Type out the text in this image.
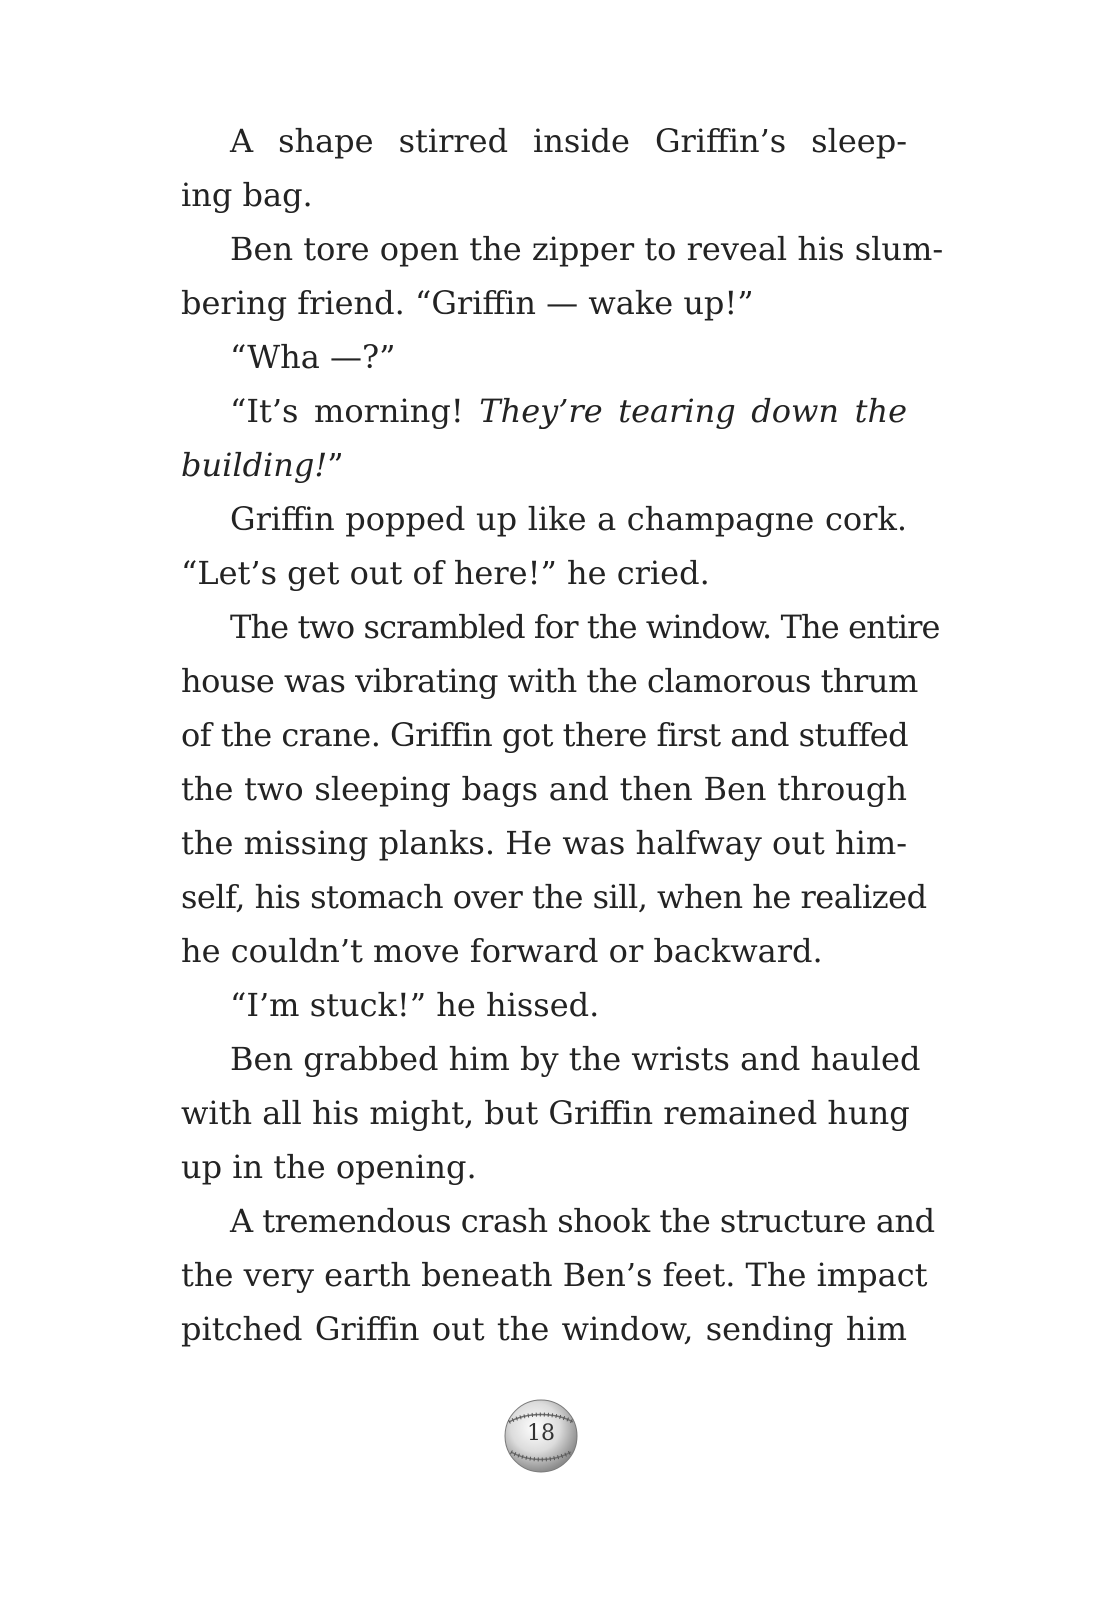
A shape stirred inside Griffin’s sleep-
ing bag.
Ben tore open the zipper to reveal his slum-
bering friend. “Griffin — wake up!”
“Wha —?”
“It’s morning! They’re tearing down the
building!”
Griffin popped up like a champagne cork.
“Let’s get out of here!” he cried.
The two scrambled for the window. The entire
house was vibrating with the clamorous thrum
of the crane. Griffin got there first and stuffed
the two sleeping bags and then Ben through
the missing planks. He was halfway out him-
self, his stomach over the sill, when he realized
he couldn’t move forward or backward.
“I’m stuck!” he hissed.
Ben grabbed him by the wrists and hauled
with all his might, but Griffin remained hung
up in the opening.
A tremendous crash shook the structure and
the very earth beneath Ben’s feet. The impact
pitched Griffin out the window, sending him
18
